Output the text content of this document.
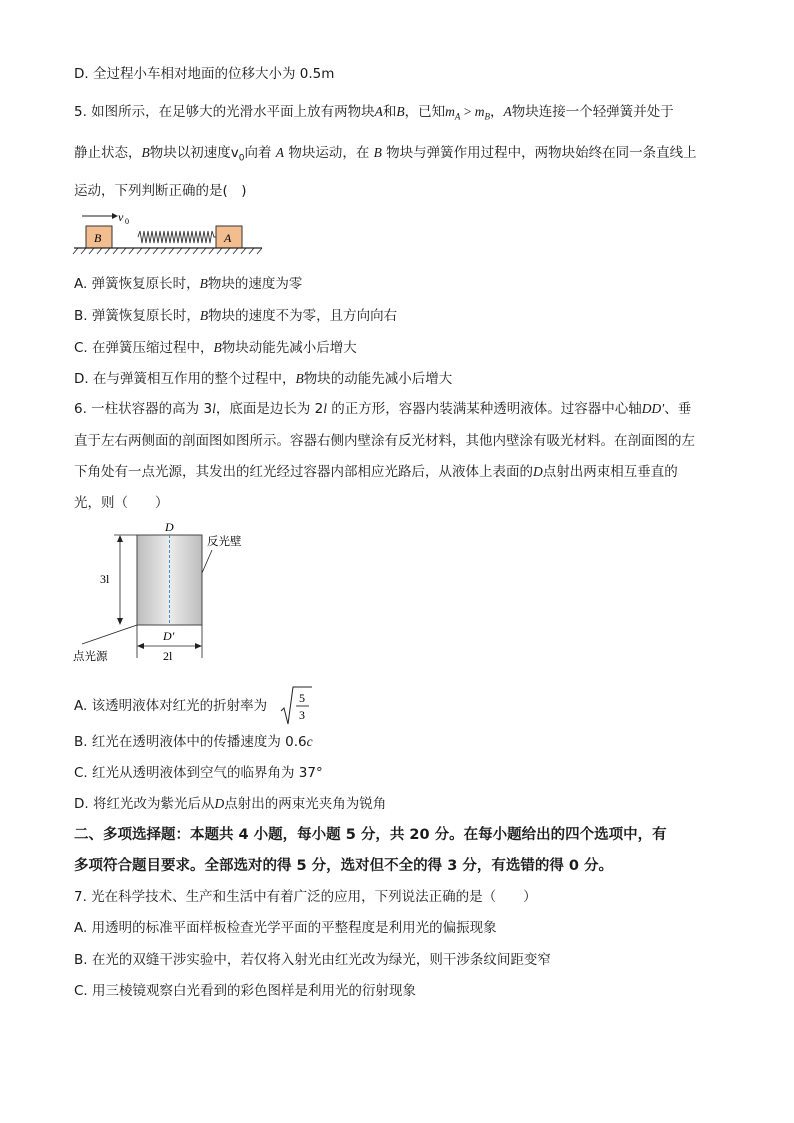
D. 全过程小车相对地面的位移大小为 0.5m
5. 如图所示，在足够大的光滑水平面上放有两物块A和B，已知$m_A > m_B$，A物块连接一个轻弹簧并处于
静止状态，B物块以初速度$v_0$向着 A 物块运动，在 B 物块与弹簧作用过程中，两物块始终在同一条直线上
运动，下列判断正确的是(　)
v 0
B	A
A. 弹簧恢复原长时，B物块的速度为零
B. 弹簧恢复原长时，B物块的速度不为零，且方向向右
C. 在弹簧压缩过程中，B物块动能先减小后增大
D. 在与弹簧相互作用的整个过程中，B物块的动能先减小后增大
6. 一柱状容器的高为 3l，底面是边长为 2l 的正方形，容器内装满某种透明液体。过容器中心轴DD′、垂
直于左右两侧面的剖面图如图所示。容器右侧内壁涂有反光材料，其他内壁涂有吸光材料。在剖面图的左
下角处有一点光源，其发出的红光经过容器内部相应光路后，从液体上表面的D点射出两束相互垂直的
光，则（　　）
D
反光壁
3l
D′
2l
点光源
A. 该透明液体对红光的折射率为	5
3
B. 红光在透明液体中的传播速度为 0.6c
C. 红光从透明液体到空气的临界角为 37°
D. 将红光改为紫光后从D点射出的两束光夹角为锐角
二、多项选择题：本题共 4 小题，每小题 5 分，共 20 分。在每小题给出的四个选项中，有
多项符合题目要求。全部选对的得 5 分，选对但不全的得 3 分，有选错的得 0 分。
7. 光在科学技术、生产和生活中有着广泛的应用，下列说法正确的是（　　）
A. 用透明的标准平面样板检查光学平面的平整程度是利用光的偏振现象
B. 在光的双缝干涉实验中，若仅将入射光由红光改为绿光，则干涉条纹间距变窄
C. 用三棱镜观察白光看到的彩色图样是利用光的衍射现象
